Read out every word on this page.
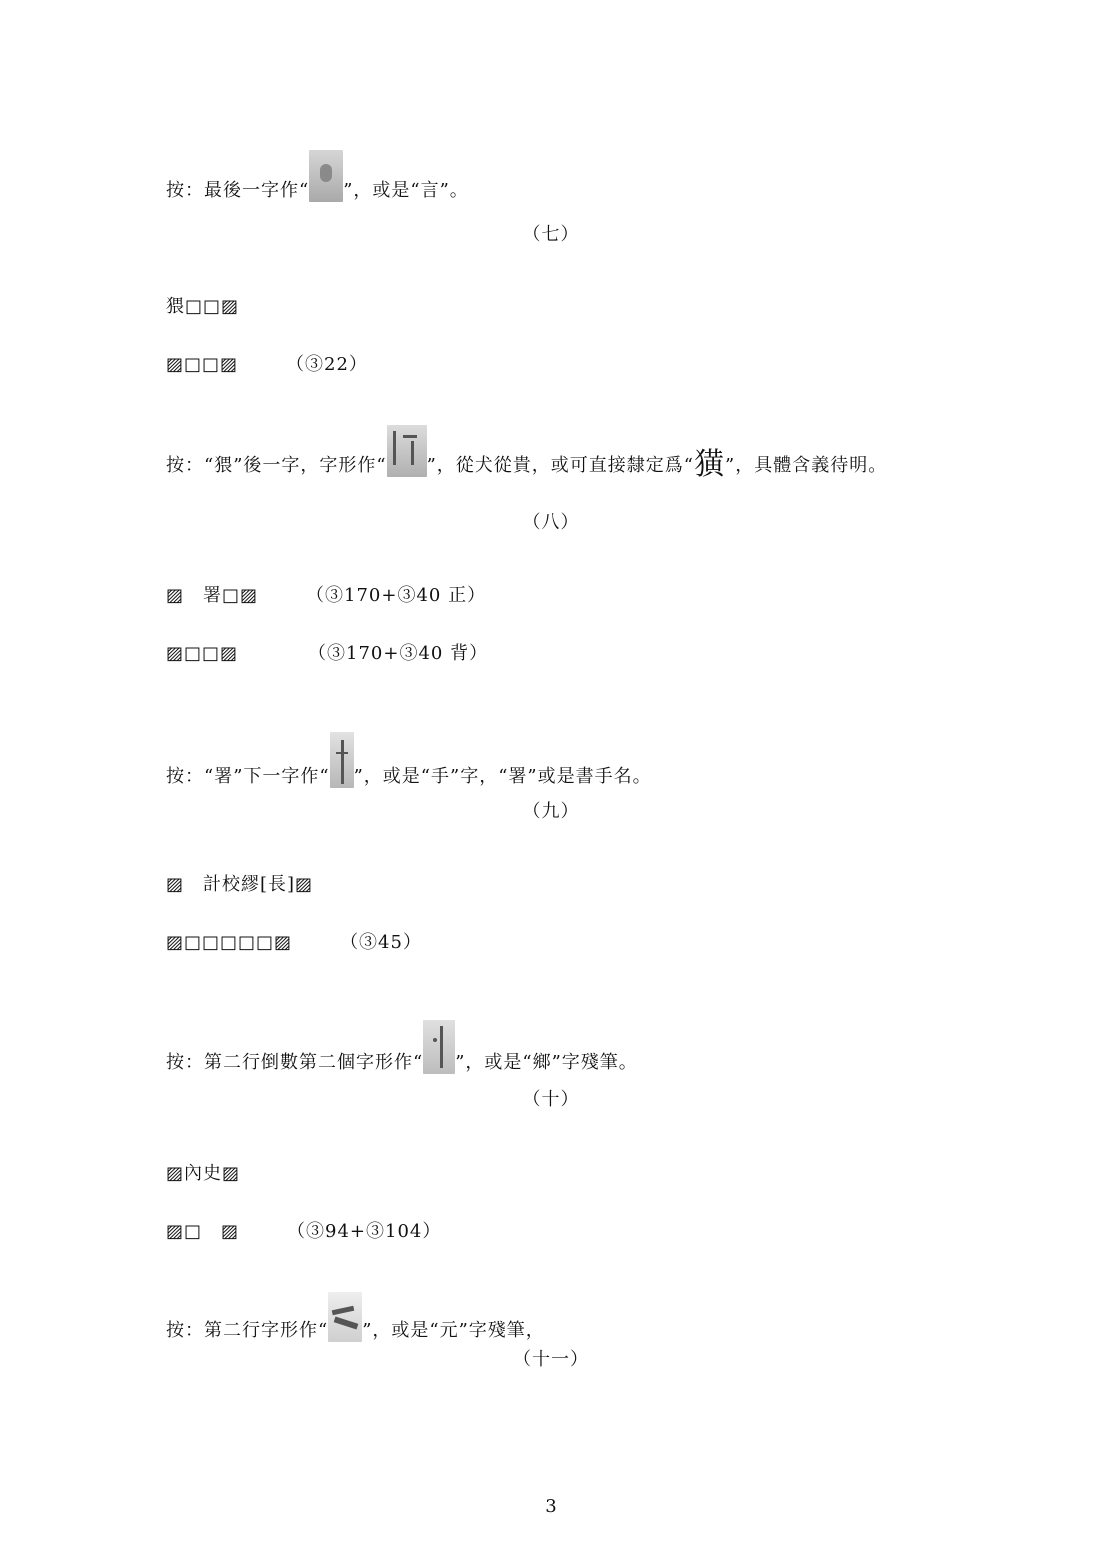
按：最後一字作“ ”，或是“言”。
（七）
猥□□▨
▨□□▨	（③22）
按：“猥”後一字，字形作“ ”，從犬從貴，或可直接隸定爲“獚”，具體含義待明。
（八）
▨　署□▨	（③170+③40 正）
▨□□▨	（③170+③40 背）
按：“署”下一字作“ ”，或是“手”字，“署”或是書手名。
（九）
▨　計校繆[長]▨
▨□□□□□▨	（③45）
按：第二行倒數第二個字形作“ ”，或是“鄉”字殘筆。
（十）
▨內史▨
▨□　▨	（③94+③104）
按：第二行字形作“ ”，或是“元”字殘筆，
（十一）
3
